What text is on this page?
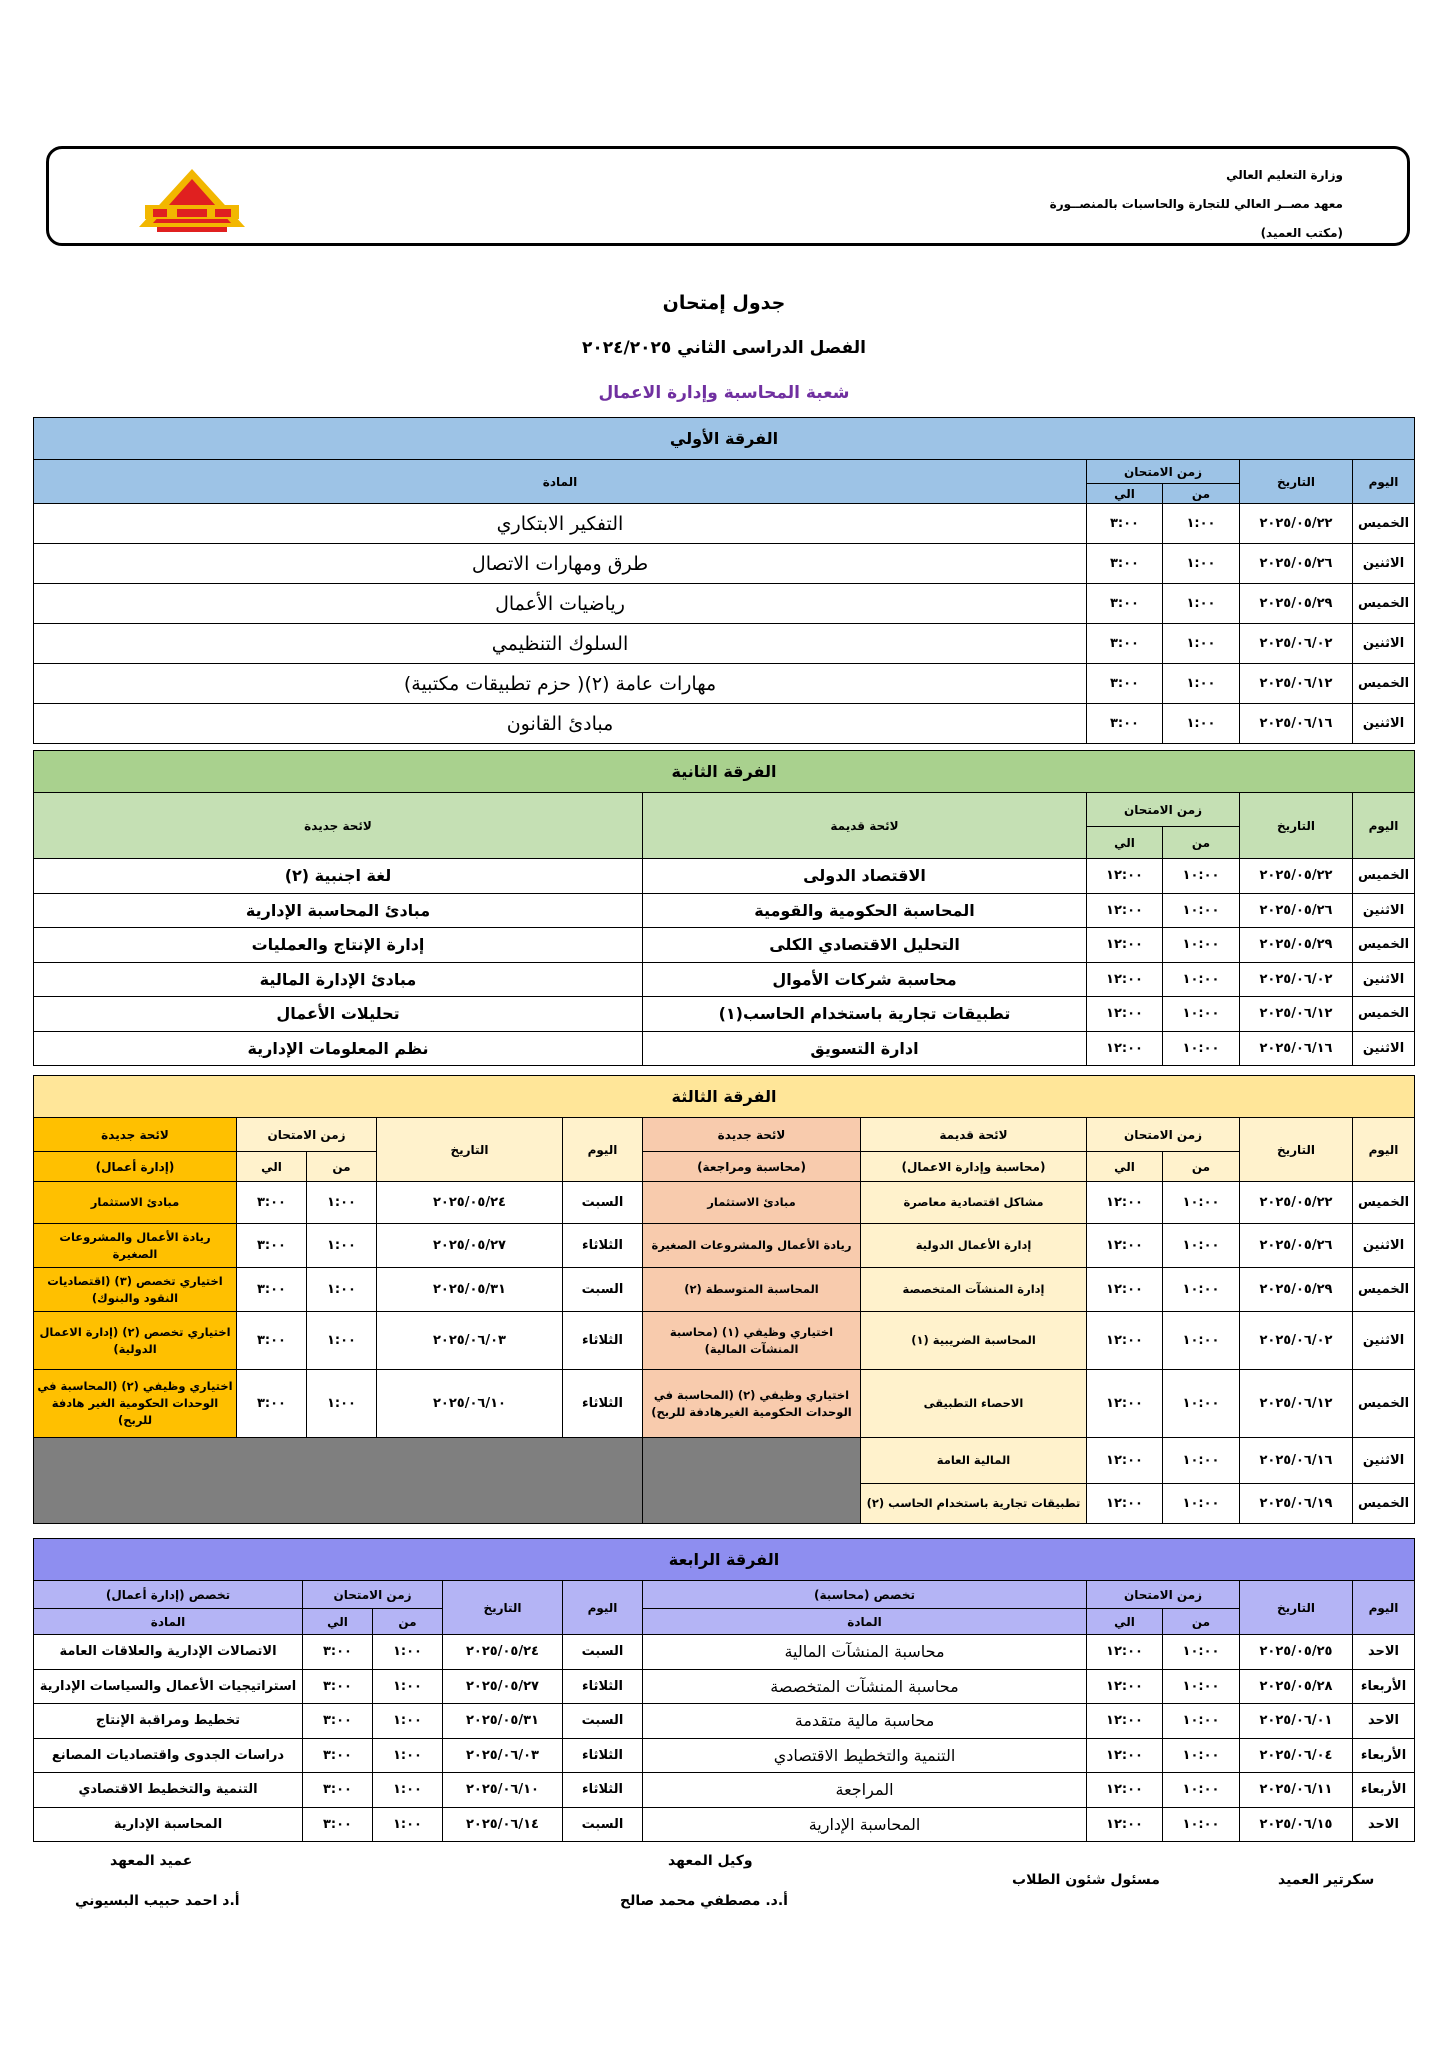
وزارة التعليم العالي
معهد مصــر العالي للتجارة والحاسبات بالمنصــورة
(مكتب العميد)
جدول إمتحان
الفصل الدراسى الثاني ٢٠٢٤/٢٠٢٥
شعبة المحاسبة وإدارة الاعمال
الفرقة الأولي				
اليوم	التاريخ	زمن الامتحان		المادة
		من	الي	
الخميس	٢٠٢٥/٠٥/٢٢	١:٠٠	٣:٠٠	التفكير الابتكاري
الاثنين	٢٠٢٥/٠٥/٢٦	١:٠٠	٣:٠٠	طرق ومهارات الاتصال
الخميس	٢٠٢٥/٠٥/٢٩	١:٠٠	٣:٠٠	رياضيات الأعمال
الاثنين	٢٠٢٥/٠٦/٠٢	١:٠٠	٣:٠٠	السلوك التنظيمي
الخميس	٢٠٢٥/٠٦/١٢	١:٠٠	٣:٠٠	مهارات عامة (٢)( حزم تطبيقات مكتبية)
الاثنين	٢٠٢٥/٠٦/١٦	١:٠٠	٣:٠٠	مبادئ القانون
الفرقة الثانية					
اليوم	التاريخ	زمن الامتحان		لائحة قديمة	لائحة جديدة
		من	الي		
الخميس	٢٠٢٥/٠٥/٢٢	١٠:٠٠	١٢:٠٠	الاقتصاد الدولى	لغة اجنبية (٢)
الاثنين	٢٠٢٥/٠٥/٢٦	١٠:٠٠	١٢:٠٠	المحاسبة الحكومية والقومية	مبادئ المحاسبة الإدارية
الخميس	٢٠٢٥/٠٥/٢٩	١٠:٠٠	١٢:٠٠	التحليل الاقتصادي الكلى	إدارة الإنتاج والعمليات
الاثنين	٢٠٢٥/٠٦/٠٢	١٠:٠٠	١٢:٠٠	محاسبة شركات الأموال	مبادئ الإدارة المالية
الخميس	٢٠٢٥/٠٦/١٢	١٠:٠٠	١٢:٠٠	تطبيقات تجارية باستخدام الحاسب(١)	تحليلات الأعمال
الاثنين	٢٠٢٥/٠٦/١٦	١٠:٠٠	١٢:٠٠	ادارة التسويق	نظم المعلومات الإدارية
الفرقة الثالثة										
اليوم	التاريخ	زمن الامتحان		لائحة قديمة	لائحة جديدة	اليوم	التاريخ	زمن الامتحان		لائحة جديدة
		من	الي	(محاسبة وإدارة الاعمال)	(محاسبة ومراجعة)			من	الي	(إدارة أعمال)
الخميس	٢٠٢٥/٠٥/٢٢	١٠:٠٠	١٢:٠٠	مشاكل اقتصادية معاصرة	مبادئ الاستثمار	السبت	٢٠٢٥/٠٥/٢٤	١:٠٠	٣:٠٠	مبادئ الاستثمار
الاثنين	٢٠٢٥/٠٥/٢٦	١٠:٠٠	١٢:٠٠	إدارة الأعمال الدولية	ريادة الأعمال والمشروعات الصغيرة	الثلاثاء	٢٠٢٥/٠٥/٢٧	١:٠٠	٣:٠٠	ريادة الأعمال والمشروعات الصغيرة
الخميس	٢٠٢٥/٠٥/٢٩	١٠:٠٠	١٢:٠٠	إدارة المنشآت المتخصصة	المحاسبة المتوسطة (٢)	السبت	٢٠٢٥/٠٥/٣١	١:٠٠	٣:٠٠	اختياري تخصص (٣) (اقتصاديات النقود والبنوك)
الاثنين	٢٠٢٥/٠٦/٠٢	١٠:٠٠	١٢:٠٠	المحاسبة الضريبية (١)	اختياري وظيفي (١) (محاسبة المنشآت المالية)	الثلاثاء	٢٠٢٥/٠٦/٠٣	١:٠٠	٣:٠٠	اختياري تخصص (٢) (إدارة الاعمال الدولية)
الخميس	٢٠٢٥/٠٦/١٢	١٠:٠٠	١٢:٠٠	الاحصاء التطبيقى	اختياري وظيفي (٢) (المحاسبة في الوحدات الحكومية الغيرهادفة للربح)	الثلاثاء	٢٠٢٥/٠٦/١٠	١:٠٠	٣:٠٠	اختياري وظيفي (٢) (المحاسبة في الوحدات الحكومية الغير هادفة للربح)
الاثنين	٢٠٢٥/٠٦/١٦	١٠:٠٠	١٢:٠٠	المالية العامة						
الخميس	٢٠٢٥/٠٦/١٩	١٠:٠٠	١٢:٠٠	تطبيقات تجارية باستخدام الحاسب (٢)						
الفرقة الرابعة									
اليوم	التاريخ	زمن الامتحان		تخصص (محاسبة)	اليوم	التاريخ	زمن الامتحان		تخصص (إدارة أعمال)
		من	الي	المادة			من	الي	المادة
الاحد	٢٠٢٥/٠٥/٢٥	١٠:٠٠	١٢:٠٠	محاسبة المنشآت المالية	السبت	٢٠٢٥/٠٥/٢٤	١:٠٠	٣:٠٠	الاتصالات الإدارية والعلاقات العامة
الأربعاء	٢٠٢٥/٠٥/٢٨	١٠:٠٠	١٢:٠٠	محاسبة المنشآت المتخصصة	الثلاثاء	٢٠٢٥/٠٥/٢٧	١:٠٠	٣:٠٠	استراتيجيات الأعمال والسياسات الإدارية
الاحد	٢٠٢٥/٠٦/٠١	١٠:٠٠	١٢:٠٠	محاسبة مالية متقدمة	السبت	٢٠٢٥/٠٥/٣١	١:٠٠	٣:٠٠	تخطيط ومراقبة الإنتاج
الأربعاء	٢٠٢٥/٠٦/٠٤	١٠:٠٠	١٢:٠٠	التنمية والتخطيط الاقتصادي	الثلاثاء	٢٠٢٥/٠٦/٠٣	١:٠٠	٣:٠٠	دراسات الجدوى واقتصاديات المصانع
الأربعاء	٢٠٢٥/٠٦/١١	١٠:٠٠	١٢:٠٠	المراجعة	الثلاثاء	٢٠٢٥/٠٦/١٠	١:٠٠	٣:٠٠	التنمية والتخطيط الاقتصادي
الاحد	٢٠٢٥/٠٦/١٥	١٠:٠٠	١٢:٠٠	المحاسبة الإدارية	السبت	٢٠٢٥/٠٦/١٤	١:٠٠	٣:٠٠	المحاسبة الإدارية
عميد المعهد
أ.د احمد حبيب البسيوني
وكيل المعهد
أ.د. مصطفي محمد صالح
مسئول شئون الطلاب	سكرتير العميد
